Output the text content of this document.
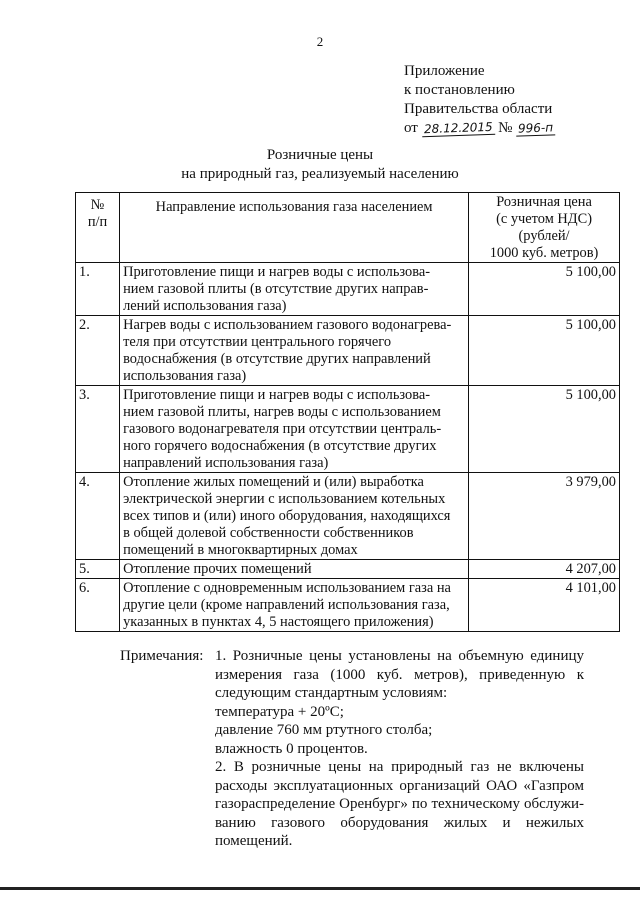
2
Приложение
к постановлению
Правительства области
от 28.12.2015 № 996-п
Розничные цены
на природный газ, реализуемый населению
№
п/п	Направление использования газа населением	Розничная цена
(с учетом НДС)
(рублей/
1000 куб. метров)
1.	Приготовление пищи и нагрев воды с использова-
нием газовой плиты (в отсутствие других направ-
лений использования газа)	5 100,00
2.	Нагрев воды с использованием газового водонагрева-
теля при отсутствии центрального горячего
водоснабжения (в отсутствие других направлений
использования газа)	5 100,00
3.	Приготовление пищи и нагрев воды с использова-
нием газовой плиты, нагрев воды с использованием
газового водонагревателя при отсутствии централь-
ного горячего водоснабжения (в отсутствие других
направлений использования газа)	5 100,00
4.	Отопление жилых помещений и (или) выработка
электрической энергии с использованием котельных
всех типов и (или) иного оборудования, находящихся
в общей долевой собственности собственников
помещений в многоквартирных домах	3 979,00
5.	Отопление прочих помещений	4 207,00
6.	Отопление с одновременным использованием газа на
другие цели (кроме направлений использования газа,
указанных в пунктах 4, 5 настоящего приложения)	4 101,00
Примечания: 1. Розничные цены установлены на объемную единицу
измерения газа (1000 куб. метров), приведенную к
следующим стандартным условиям:
температура + 20ºС;
давление 760 мм ртутного столба;
влажность 0 процентов.
2. В розничные цены на природный газ не включены
расходы эксплуатационных организаций ОАО «Газпром
газораспределение Оренбург» по техническому обслужи-
ванию газового оборудования жилых и нежилых
помещений.
